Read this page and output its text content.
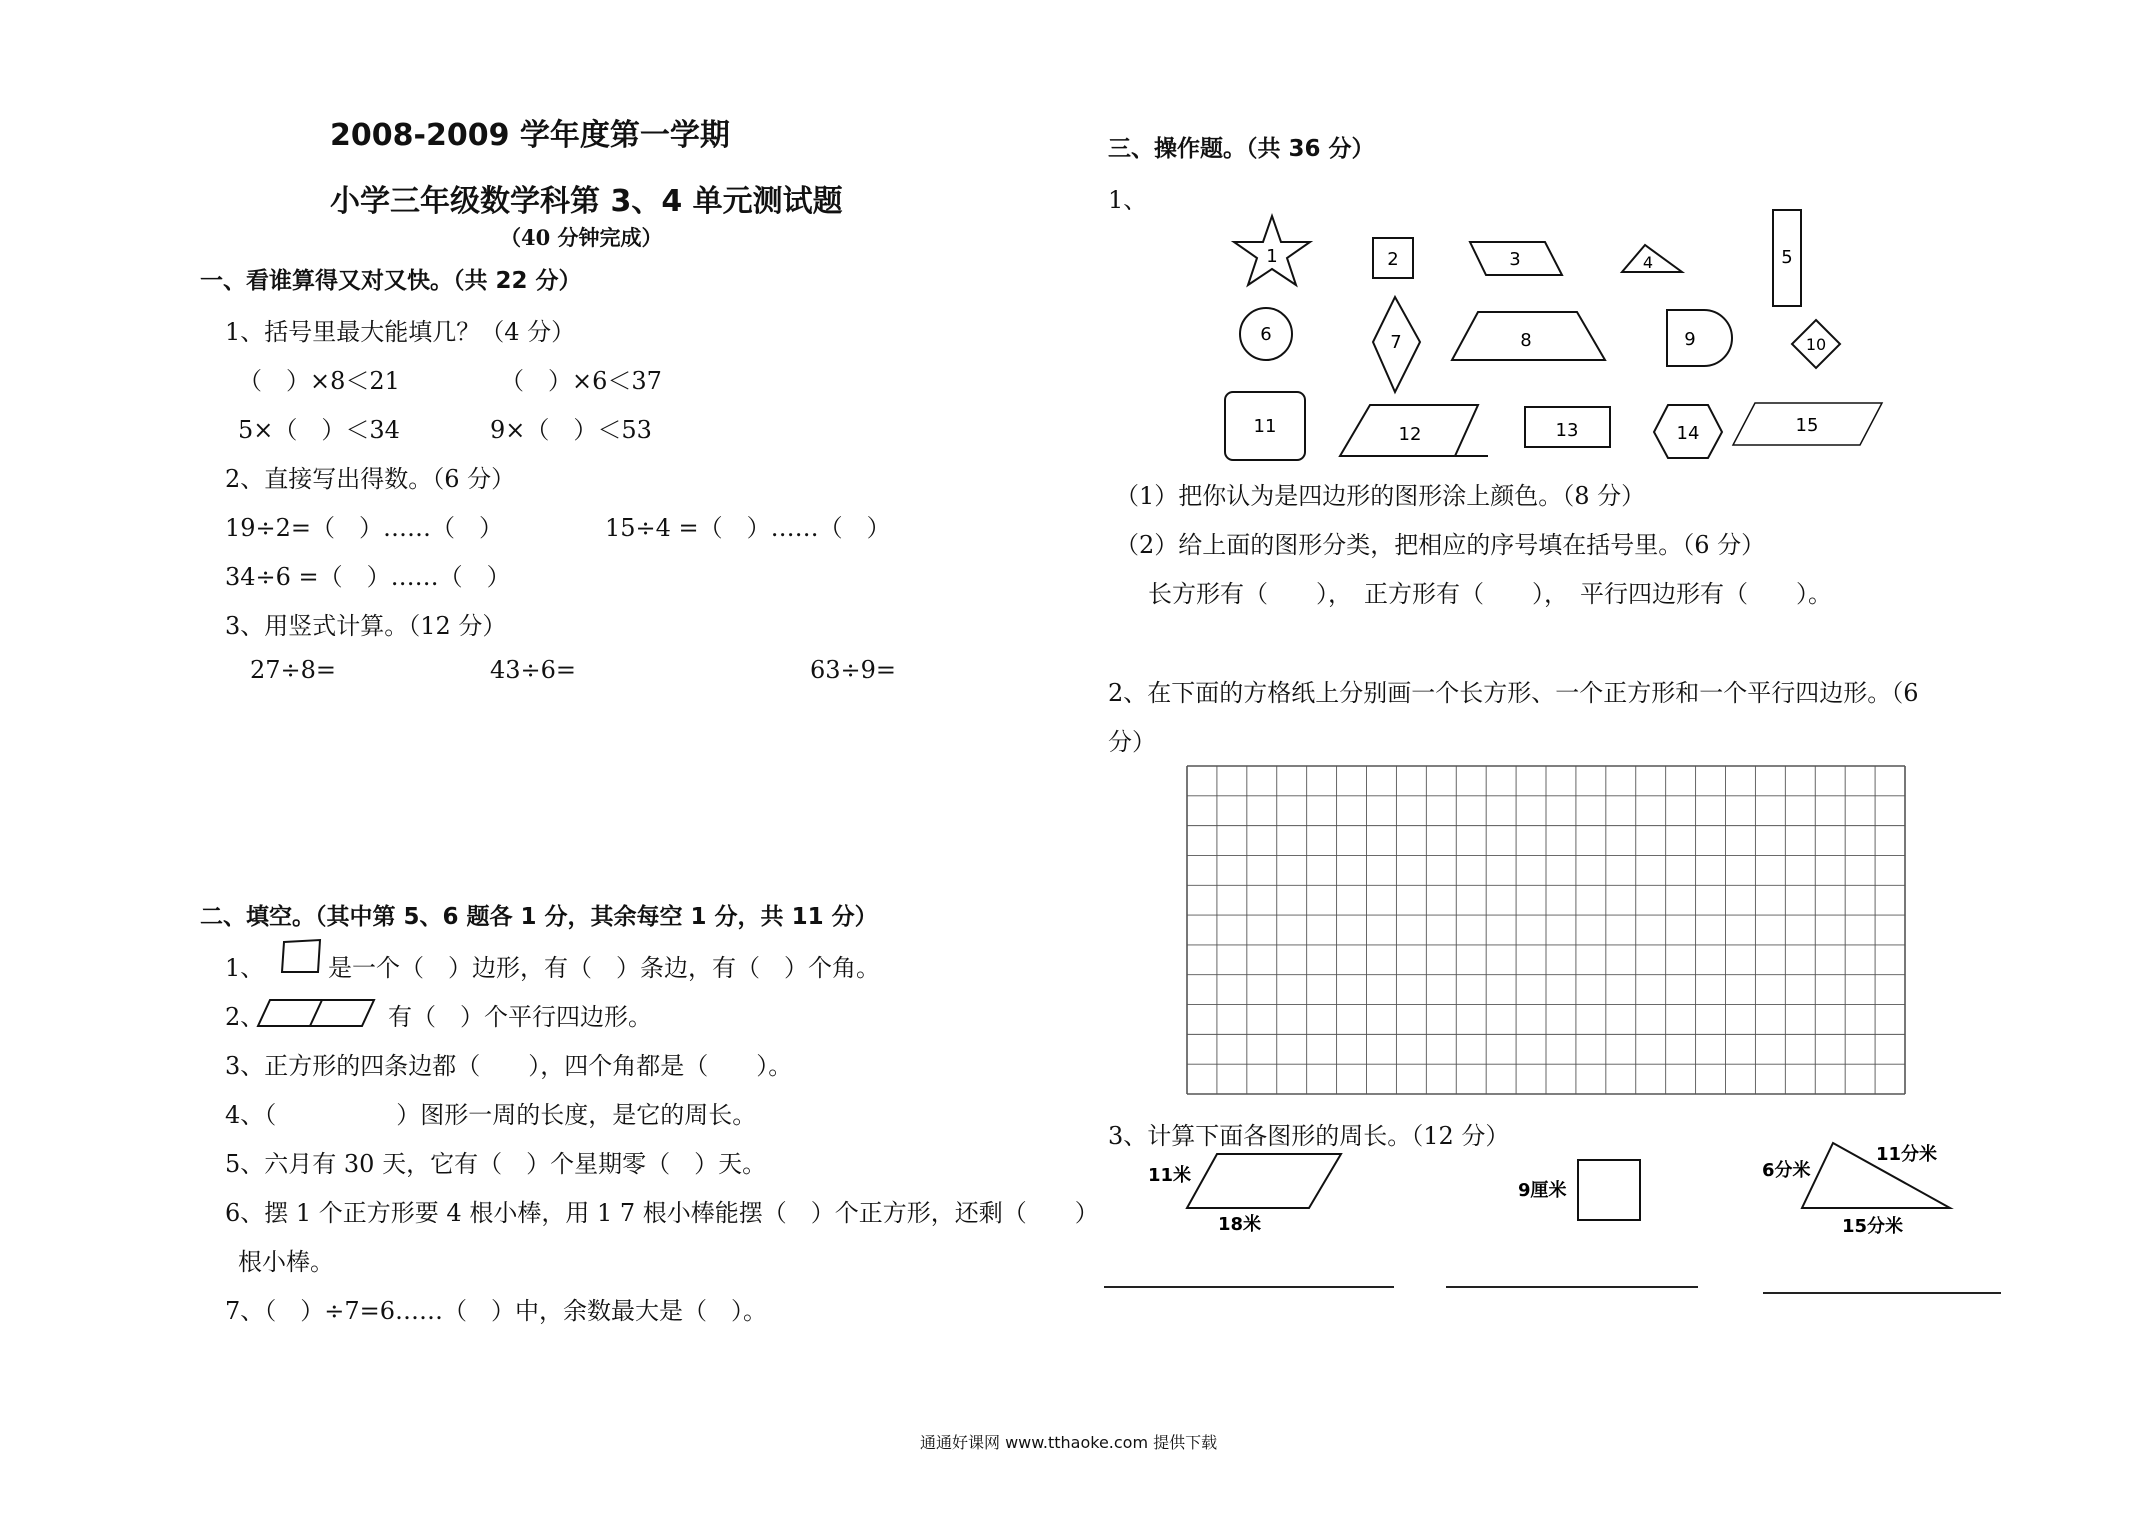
2008-2009 学年度第一学期
小学三年级数学科第 3、4 单元测试题
（40 分钟完成）
一、看谁算得又对又快。（共 22 分）
1、括号里最大能填几？（4 分）
（　）×8＜21	（　）×6＜37
5×（　）＜34	9×（　）＜53
2、直接写出得数。（6 分）
19÷2=（　）……（　）	15÷4 =（　）……（　）
34÷6 =（　）……（　）
3、用竖式计算。（12 分）
27÷8=	43÷6=	63÷9=
二、填空。（其中第 5、6 题各 1 分，其余每空 1 分，共 11 分）
1、	是一个（　）边形，有（　）条边，有（　）个角。
2、	有（　）个平行四边形。
3、正方形的四条边都（　　），四个角都是（　　）。
4、（　　　　　）图形一周的长度，是它的周长。
5、六月有 30 天，它有（　）个星期零（　）天。
6、摆 1 个正方形要 4 根小棒，用 1 7 根小棒能摆（　）个正方形，还剩（　　）
根小棒。
7、（　）÷7=6……（　）中，余数最大是（　）。
三、操作题。（共 36 分）
1、
1	2	3	4	5
6	7	8	9	10
11	12	13	14	15
（1）把你认为是四边形的图形涂上颜色。（8 分）
（2）给上面的图形分类，把相应的序号填在括号里。（6 分）
长方形有（　　），　正方形有（　　），　平行四边形有（　　）。
2、在下面的方格纸上分别画一个长方形、一个正方形和一个平行四边形。（6
分）
3、计算下面各图形的周长。（12 分）
11米
18米
9厘米
6分米
11分米
15分米
通通好课网 www.tthaoke.com 提供下载
